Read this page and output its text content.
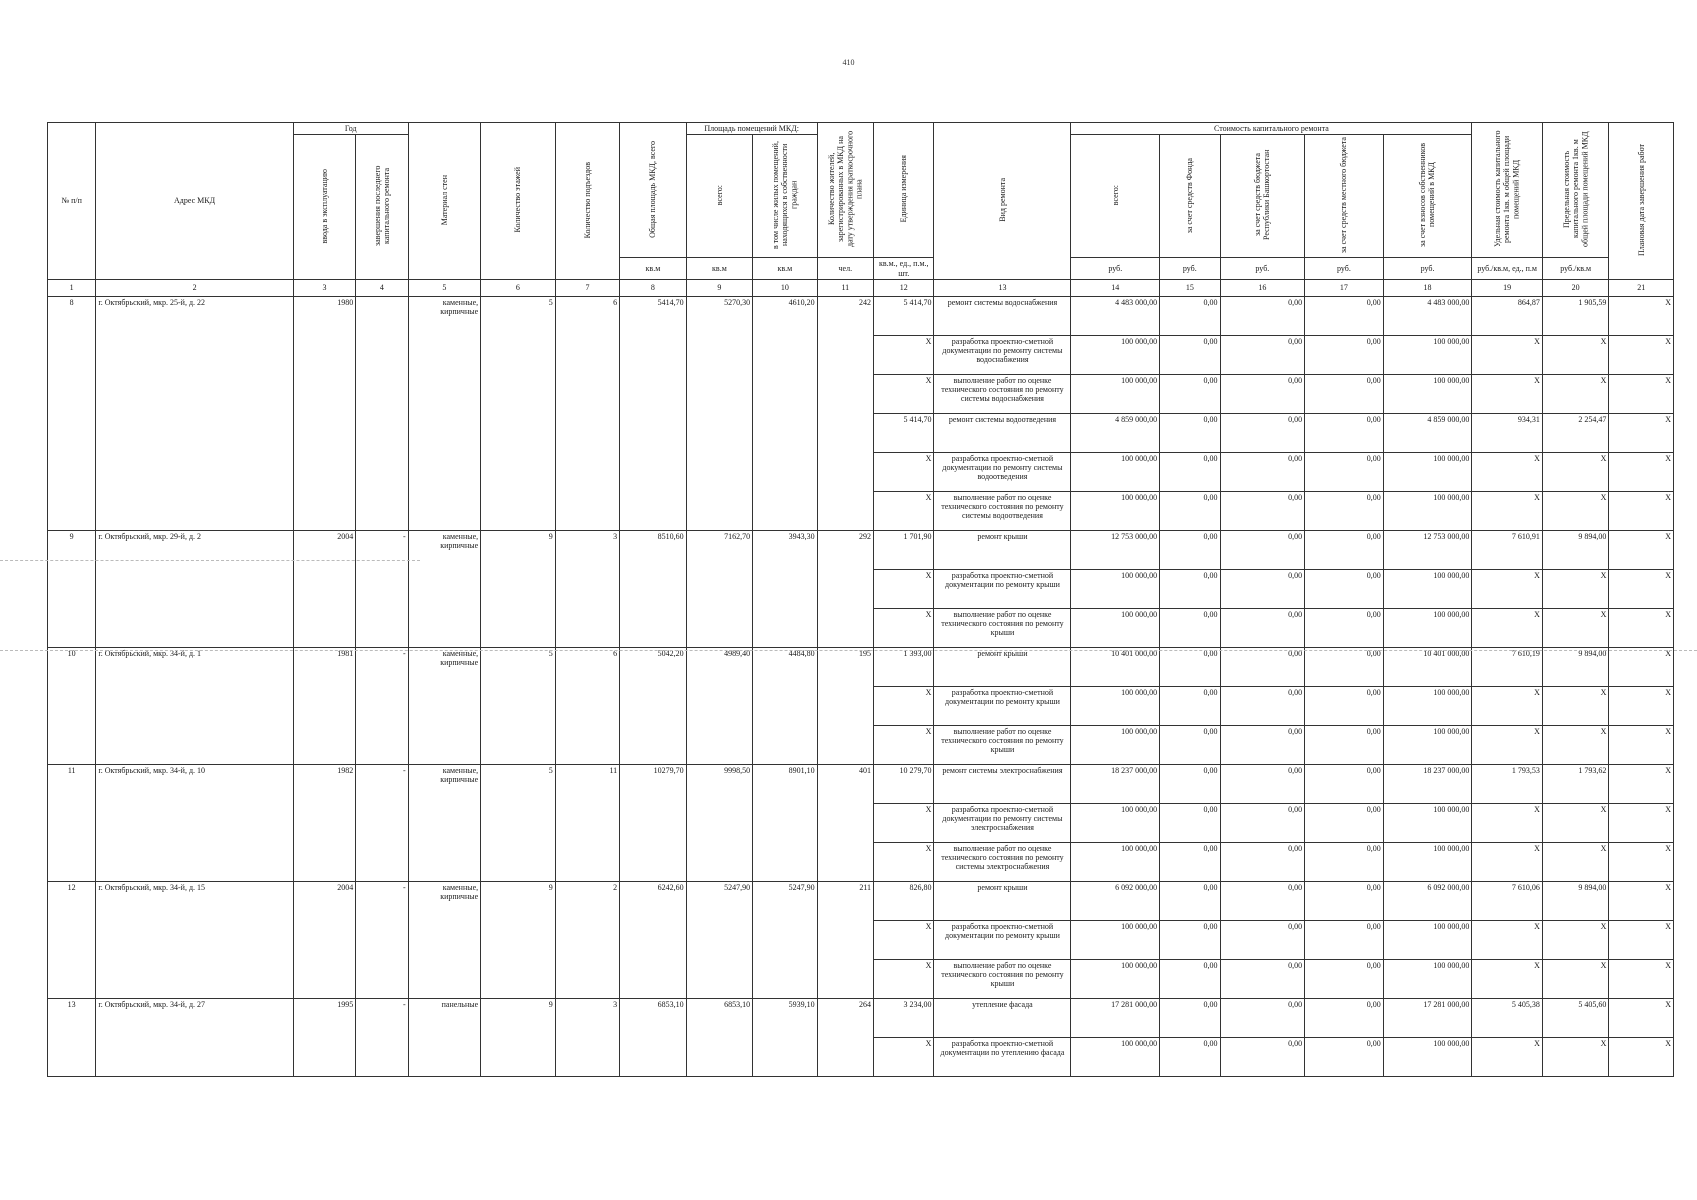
410
№ п/п	Адрес МКД	Год		Материал стен	Количество этажей	Количество подъездов	Общая площадь МКД, всего	Площадь помещений МКД:		Количество жителей, зарегистрированных в МКД на дату утверждения краткосрочного плана	Единица измерения	Вид ремонта	Стоимость капитального ремонта					Удельная стоимость капитального ремонта 1кв. м общей площади помещений МКД	Предельная стоимость капитального ремонта 1кв. м общей площади помещений МКД	Плановая дата завершения работ
		ввода в эксплуатацию	завершения последнего капитального ремонта					всего:	в том числе жилых помещений, находящихся в собственности граждан				всего:	за счет средств Фонда	за счет средств бюджета Республики Башкортостан	за счет средств местного бюджета	за счет взносов собственников помещений в МКД			
							кв.м	кв.м	кв.м	чел.	кв.м., ед., п.м., шт.		руб.	руб.	руб.	руб.	руб.	руб./кв.м, ед., п.м	руб./кв.м	
1	2	3	4	5	6	7	8	9	10	11	12	13	14	15	16	17	18	19	20	21
8	г. Октябрьский, мкр. 25-й, д. 22	1980		каменные, кирпичные	5	6	5414,70	5270,30	4610,20	242	5 414,70	ремонт системы водоснабжения	4 483 000,00	0,00	0,00	0,00	4 483 000,00	864,87	1 905,59	X
											X	разработка проектно-сметной документации по ремонту системы водоснабжения	100 000,00	0,00	0,00	0,00	100 000,00	X	X	X
											X	выполнение работ по оценке технического состояния по ремонту системы водоснабжения	100 000,00	0,00	0,00	0,00	100 000,00	X	X	X
											5 414,70	ремонт системы водоотведения	4 859 000,00	0,00	0,00	0,00	4 859 000,00	934,31	2 254,47	X
											X	разработка проектно-сметной документации по ремонту системы водоотведения	100 000,00	0,00	0,00	0,00	100 000,00	X	X	X
											X	выполнение работ по оценке технического состояния по ремонту системы водоотведения	100 000,00	0,00	0,00	0,00	100 000,00	X	X	X
9	г. Октябрьский, мкр. 29-й, д. 2	2004	-	каменные, кирпичные	9	3	8510,60	7162,70	3943,30	292	1 701,90	ремонт крыши	12 753 000,00	0,00	0,00	0,00	12 753 000,00	7 610,91	9 894,00	X
											X	разработка проектно-сметной документации по ремонту крыши	100 000,00	0,00	0,00	0,00	100 000,00	X	X	X
											X	выполнение работ по оценке технического состояния по ремонту крыши	100 000,00	0,00	0,00	0,00	100 000,00	X	X	X
10	г. Октябрьский, мкр. 34-й, д. 1	1981	-	каменные, кирпичные	5	6	5042,20	4989,40	4484,80	195	1 393,00	ремонт крыши	10 401 000,00	0,00	0,00	0,00	10 401 000,00	7 610,19	9 894,00	X
											X	разработка проектно-сметной документации по ремонту крыши	100 000,00	0,00	0,00	0,00	100 000,00	X	X	X
											X	выполнение работ по оценке технического состояния по ремонту крыши	100 000,00	0,00	0,00	0,00	100 000,00	X	X	X
11	г. Октябрьский, мкр. 34-й, д. 10	1982	-	каменные, кирпичные	5	11	10279,70	9998,50	8901,10	401	10 279,70	ремонт системы электроснабжения	18 237 000,00	0,00	0,00	0,00	18 237 000,00	1 793,53	1 793,62	X
											X	разработка проектно-сметной документации по ремонту системы электроснабжения	100 000,00	0,00	0,00	0,00	100 000,00	X	X	X
											X	выполнение работ по оценке технического состояния по ремонту системы электроснабжения	100 000,00	0,00	0,00	0,00	100 000,00	X	X	X
12	г. Октябрьский, мкр. 34-й, д. 15	2004	-	каменные, кирпичные	9	2	6242,60	5247,90	5247,90	211	826,80	ремонт крыши	6 092 000,00	0,00	0,00	0,00	6 092 000,00	7 610,06	9 894,00	X
											X	разработка проектно-сметной документации по ремонту крыши	100 000,00	0,00	0,00	0,00	100 000,00	X	X	X
											X	выполнение работ по оценке технического состояния по ремонту крыши	100 000,00	0,00	0,00	0,00	100 000,00	X	X	X
13	г. Октябрьский, мкр. 34-й, д. 27	1995	-	панельные	9	3	6853,10	6853,10	5939,10	264	3 234,00	утепление фасада	17 281 000,00	0,00	0,00	0,00	17 281 000,00	5 405,38	5 405,60	X
											X	разработка проектно-сметной документации по утеплению фасада	100 000,00	0,00	0,00	0,00	100 000,00	X	X	X
